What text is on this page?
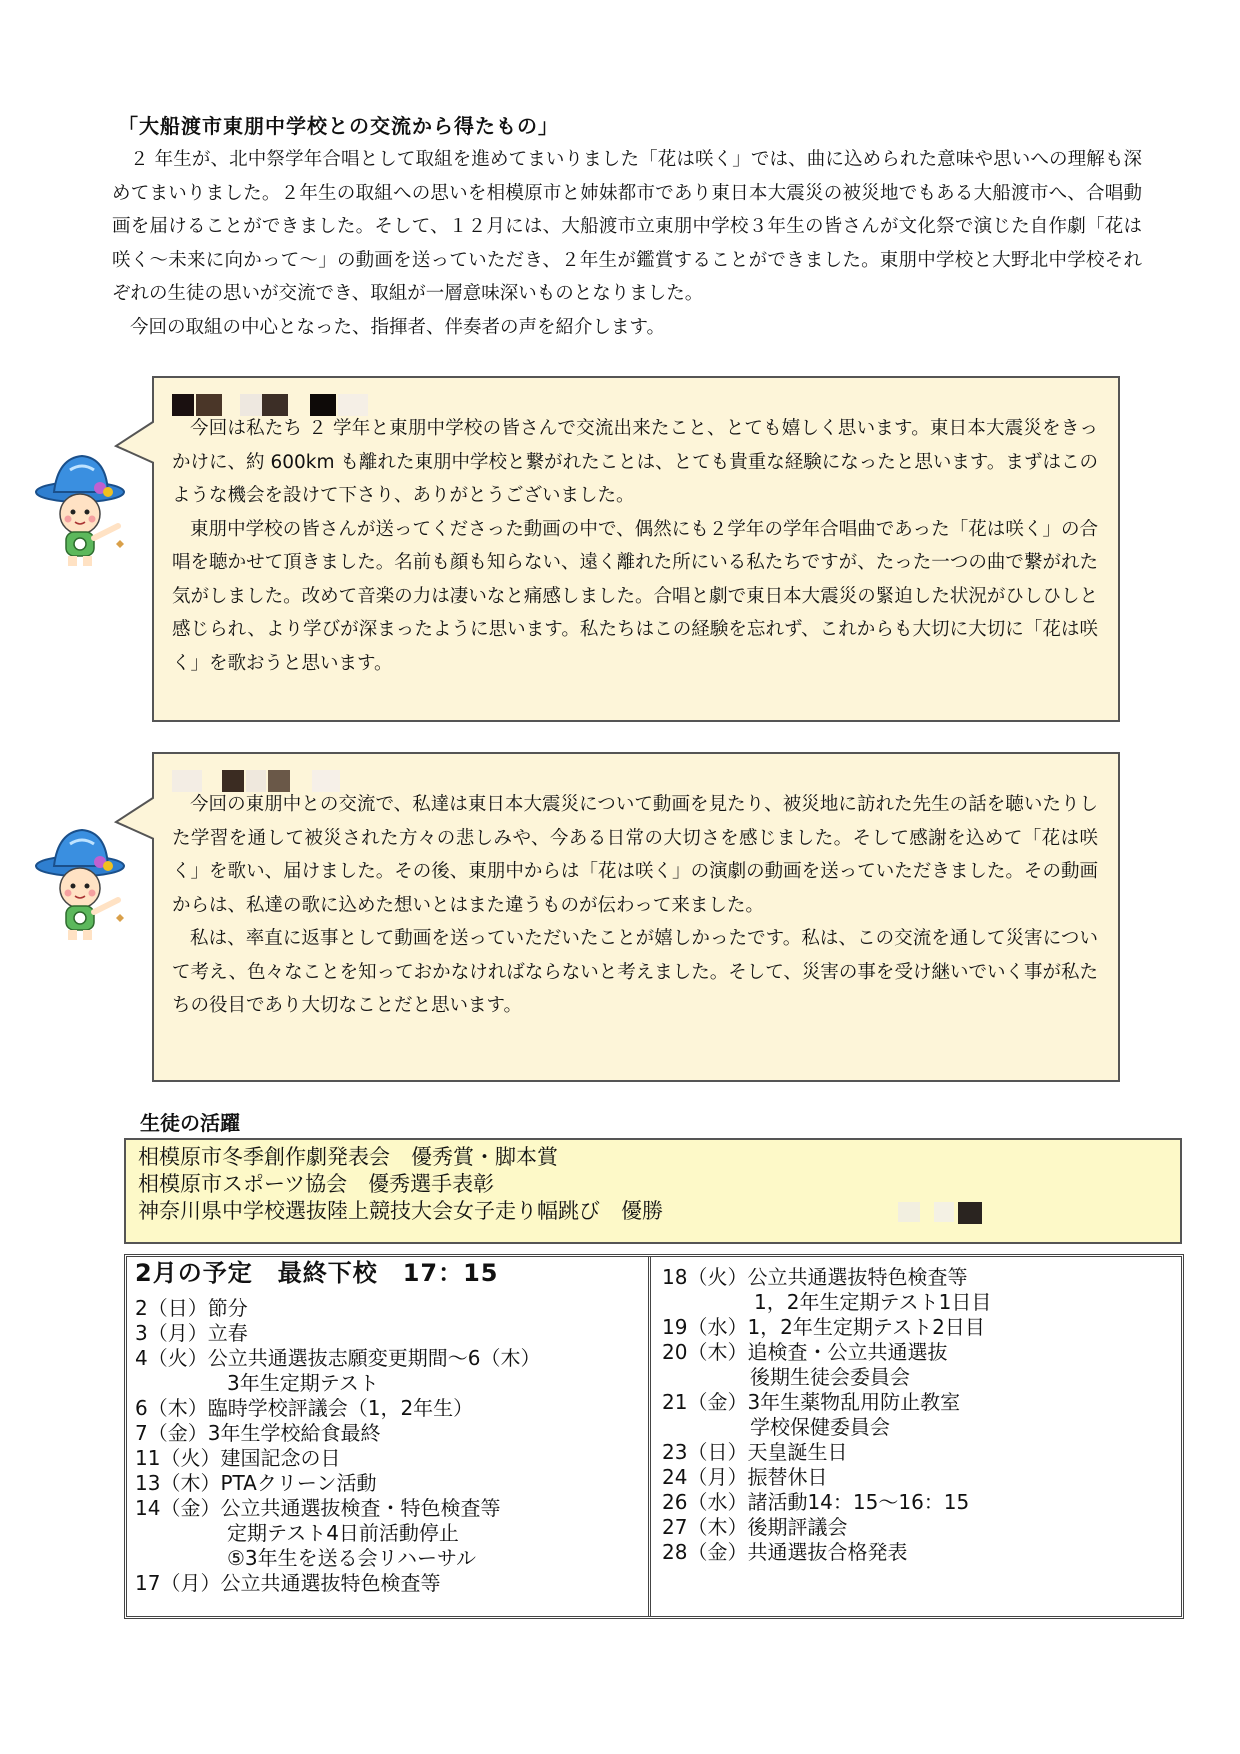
「大船渡市東朋中学校との交流から得たもの」

２ 年生が、北中祭学年合唱として取組を進めてまいりました「花は咲く」では、曲に込められた意味や思いへの理解も深めてまいりました。２年生の取組への思いを相模原市と姉妹都市であり東日本大震災の被災地でもある大船渡市へ、合唱動画を届けることができました。そして、１２月には、大船渡市立東朋中学校３年生の皆さんが文化祭で演じた自作劇「花は咲く～未来に向かって～」の動画を送っていただき、２年生が鑑賞することができました。東朋中学校と大野北中学校それぞれの生徒の思いが交流でき、取組が一層意味深いものとなりました。

今回の取組の中心となった、指揮者、伴奏者の声を紹介します。

今回は私たち ２ 学年と東朋中学校の皆さんで交流出来たこと、とても嬉しく思います。東日本大震災をきっかけに、約 600km も離れた東朋中学校と繋がれたことは、とても貴重な経験になったと思います。まずはこのような機会を設けて下さり、ありがとうございました。

東朋中学校の皆さんが送ってくださった動画の中で、偶然にも２学年の学年合唱曲であった「花は咲く」の合唱を聴かせて頂きました。名前も顔も知らない、遠く離れた所にいる私たちですが、たった一つの曲で繋がれた気がしました。改めて音楽の力は凄いなと痛感しました。合唱と劇で東日本大震災の緊迫した状況がひしひしと感じられ、より学びが深まったように思います。私たちはこの経験を忘れず、これからも大切に大切に「花は咲く」を歌おうと思います。

今回の東朋中との交流で、私達は東日本大震災について動画を見たり、被災地に訪れた先生の話を聴いたりした学習を通して被災された方々の悲しみや、今ある日常の大切さを感じました。そして感謝を込めて「花は咲く」を歌い、届けました。その後、東朋中からは「花は咲く」の演劇の動画を送っていただきました。その動画からは、私達の歌に込めた想いとはまた違うものが伝わって来ました。

私は、率直に返事として動画を送っていただいたことが嬉しかったです。私は、この交流を通して災害について考え、色々なことを知っておかなければならないと考えました。そして、災害の事を受け継いでいく事が私たちの役目であり大切なことだと思います。

生徒の活躍
相模原市冬季創作劇発表会　優秀賞・脚本賞
相模原市スポーツ協会　優秀選手表彰
神奈川県中学校選抜陸上競技大会女子走り幅跳び　優勝
2月の予定　最終下校　17：15
2（日）節分
3（月）立春
4（火）公立共通選抜志願変更期間～6（木）
3年生定期テスト
6（木）臨時学校評議会（1，2年生）
7（金）3年生学校給食最終
11（火）建国記念の日
13（木）PTAクリーン活動
14（金）公立共通選抜検査・特色検査等
定期テスト4日前活動停止
⑤3年生を送る会リハーサル
17（月）公立共通選抜特色検査等
18（火）公立共通選抜特色検査等
1，2年生定期テスト1日目
19（水）1，2年生定期テスト2日目
20（木）追検査・公立共通選抜
後期生徒会委員会
21（金）3年生薬物乱用防止教室
学校保健委員会
23（日）天皇誕生日
24（月）振替休日
26（水）諸活動14：15～16：15
27（木）後期評議会
28（金）共通選抜合格発表
